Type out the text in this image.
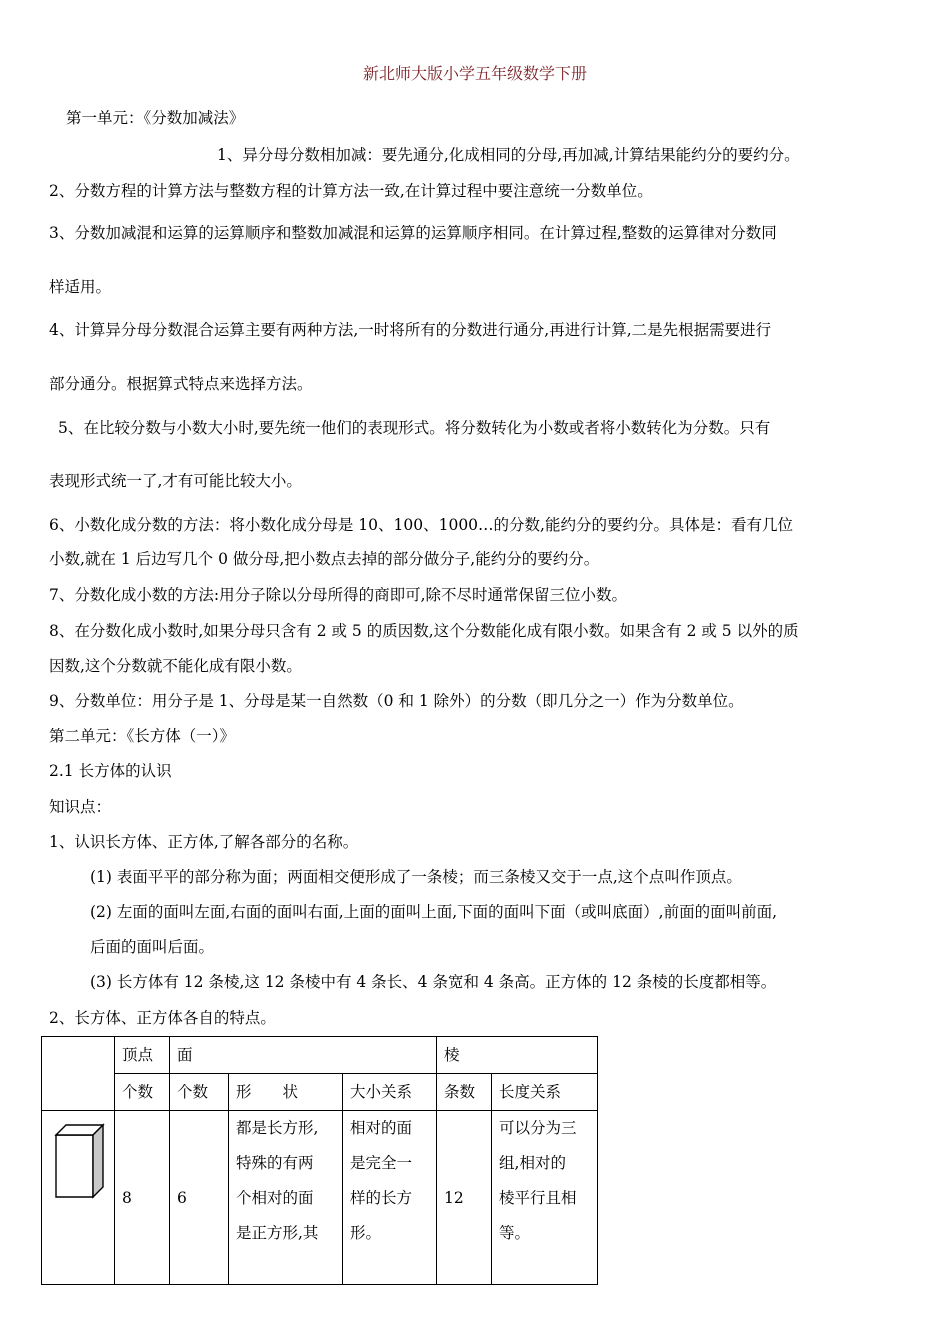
新北师大版小学五年级数学下册
第一单元：《分数加减法》
1、异分母分数相加减：要先通分,化成相同的分母,再加减,计算结果能约分的要约分。
2、分数方程的计算方法与整数方程的计算方法一致,在计算过程中要注意统一分数单位。
3、分数加减混和运算的运算顺序和整数加减混和运算的运算顺序相同。在计算过程,整数的运算律对分数同
样适用。
4、计算异分母分数混合运算主要有两种方法,一时将所有的分数进行通分,再进行计算,二是先根据需要进行
部分通分。根据算式特点来选择方法。
5、在比较分数与小数大小时,要先统一他们的表现形式。将分数转化为小数或者将小数转化为分数。只有
表现形式统一了,才有可能比较大小。
6、小数化成分数的方法：将小数化成分母是 10、100、1000…的分数,能约分的要约分。具体是：看有几位
小数,就在 1 后边写几个 0 做分母,把小数点去掉的部分做分子,能约分的要约分。
7、分数化成小数的方法:用分子除以分母所得的商即可,除不尽时通常保留三位小数。
8、在分数化成小数时,如果分母只含有 2 或 5 的质因数,这个分数能化成有限小数。如果含有 2 或 5 以外的质
因数,这个分数就不能化成有限小数。
9、分数单位：用分子是 1、分母是某一自然数（0 和 1 除外）的分数（即几分之一）作为分数单位。
第二单元：《长方体（一）》
2.1 长方体的认识
知识点：
1、认识长方体、正方体,了解各部分的名称。
(1) 表面平平的部分称为面；两面相交便形成了一条棱；而三条棱又交于一点,这个点叫作顶点。
(2) 左面的面叫左面,右面的面叫右面,上面的面叫上面,下面的面叫下面（或叫底面）,前面的面叫前面,
后面的面叫后面。
(3) 长方体有 12 条棱,这 12 条棱中有 4 条长、4 条宽和 4 条高。正方体的 12 条棱的长度都相等。
2、长方体、正方体各自的特点。
	顶点	面			棱	
	个数	个数	形　　状	大小关系	条数	长度关系
	8	6	都是长方形,
特殊的有两
个相对的面
是正方形,其	相对的面
是完全一
样的长方
形。	12	可以分为三
组,相对的
棱平行且相
等。
